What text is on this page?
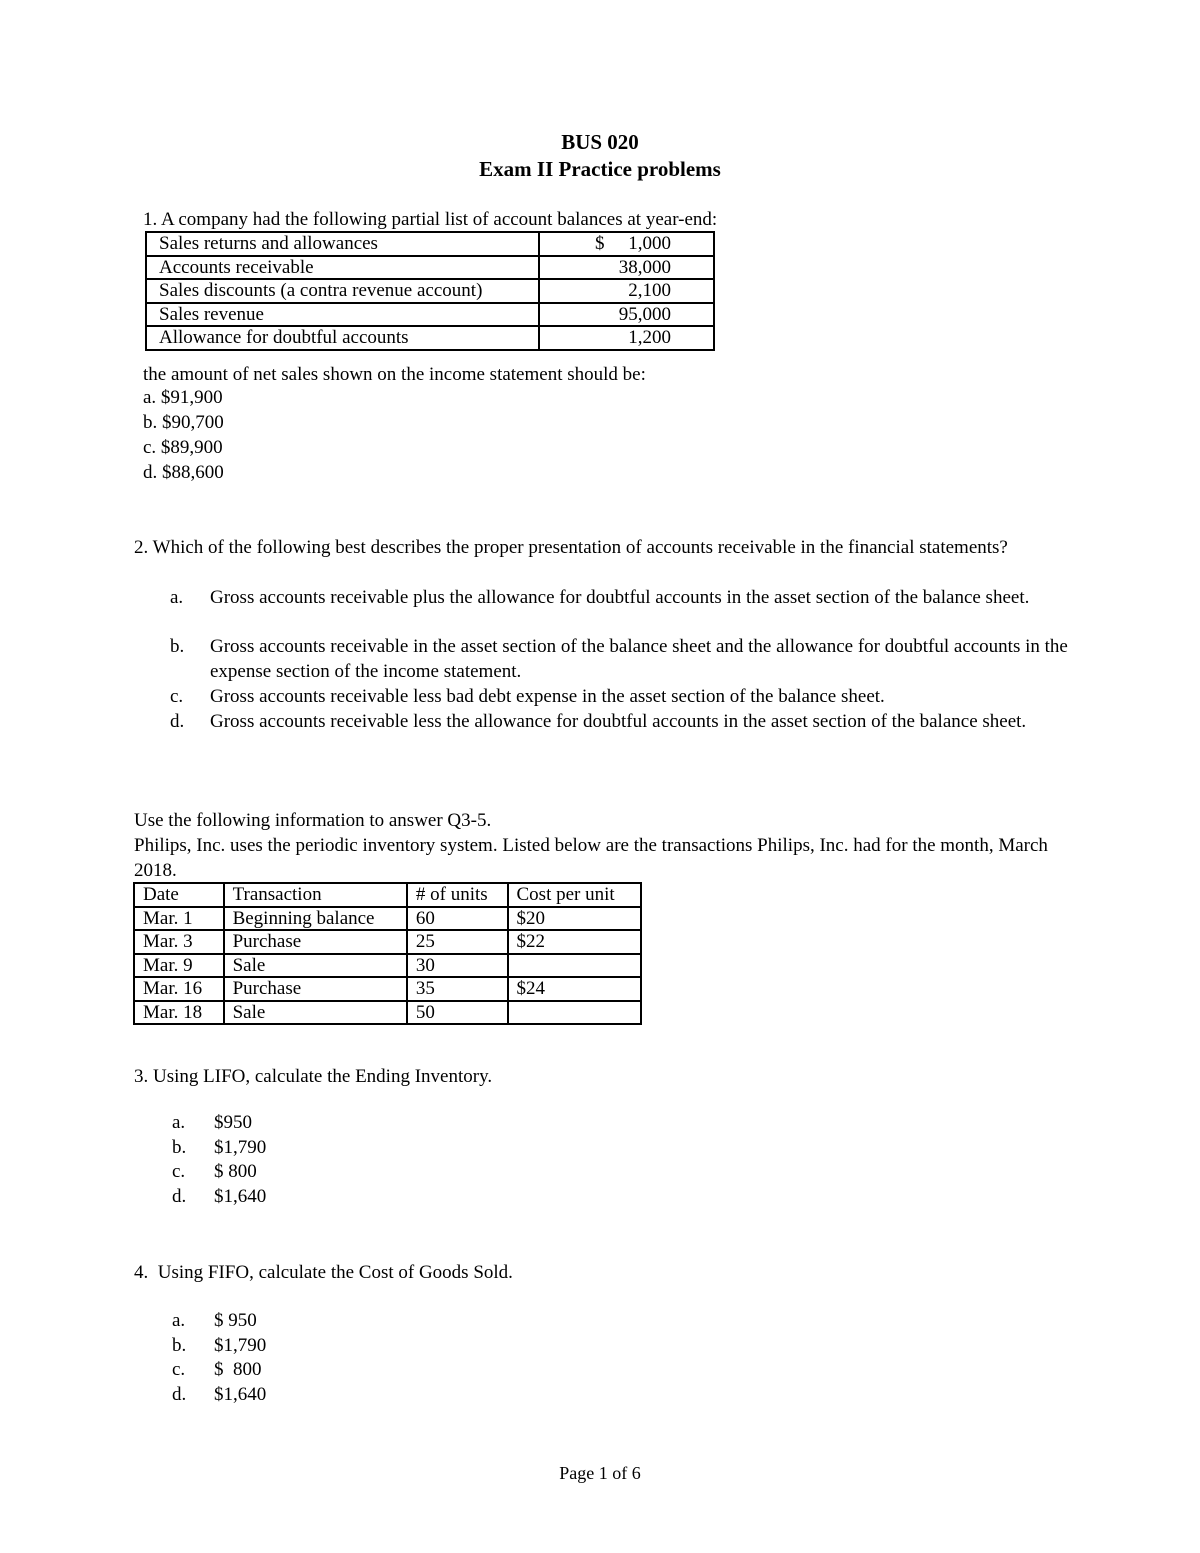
BUS 020
Exam II Practice problems
1. A company had the following partial list of account balances at year-end:
Sales returns and allowances	$     1,000
Accounts receivable	38,000
Sales discounts (a contra revenue account)	2,100
Sales revenue	95,000
Allowance for doubtful accounts	1,200
the amount of net sales shown on the income statement should be:
a. $91,900
b. $90,700
c. $89,900
d. $88,600
2. Which of the following best describes the proper presentation of accounts receivable in the financial statements?
a. Gross accounts receivable plus the allowance for doubtful accounts in the asset section of the balance sheet.
b. Gross accounts receivable in the asset section of the balance sheet and the allowance for doubtful accounts in the expense section of the income statement.
c. Gross accounts receivable less bad debt expense in the asset section of the balance sheet.
d. Gross accounts receivable less the allowance for doubtful accounts in the asset section of the balance sheet.
Use the following information to answer Q3-5.
Philips, Inc. uses the periodic inventory system. Listed below are the transactions Philips, Inc. had for the month, March 2018.
Date	Transaction	# of units	Cost per unit
Mar. 1	Beginning balance	60	$20
Mar. 3	Purchase	25	$22
Mar. 9	Sale	30	
Mar. 16	Purchase	35	$24
Mar. 18	Sale	50	
3. Using LIFO, calculate the Ending Inventory.
a. $950
b. $1,790
c. $ 800
d. $1,640
4.  Using FIFO, calculate the Cost of Goods Sold.
a. $ 950
b. $1,790
c. $  800
d. $1,640
Page 1 of 6
